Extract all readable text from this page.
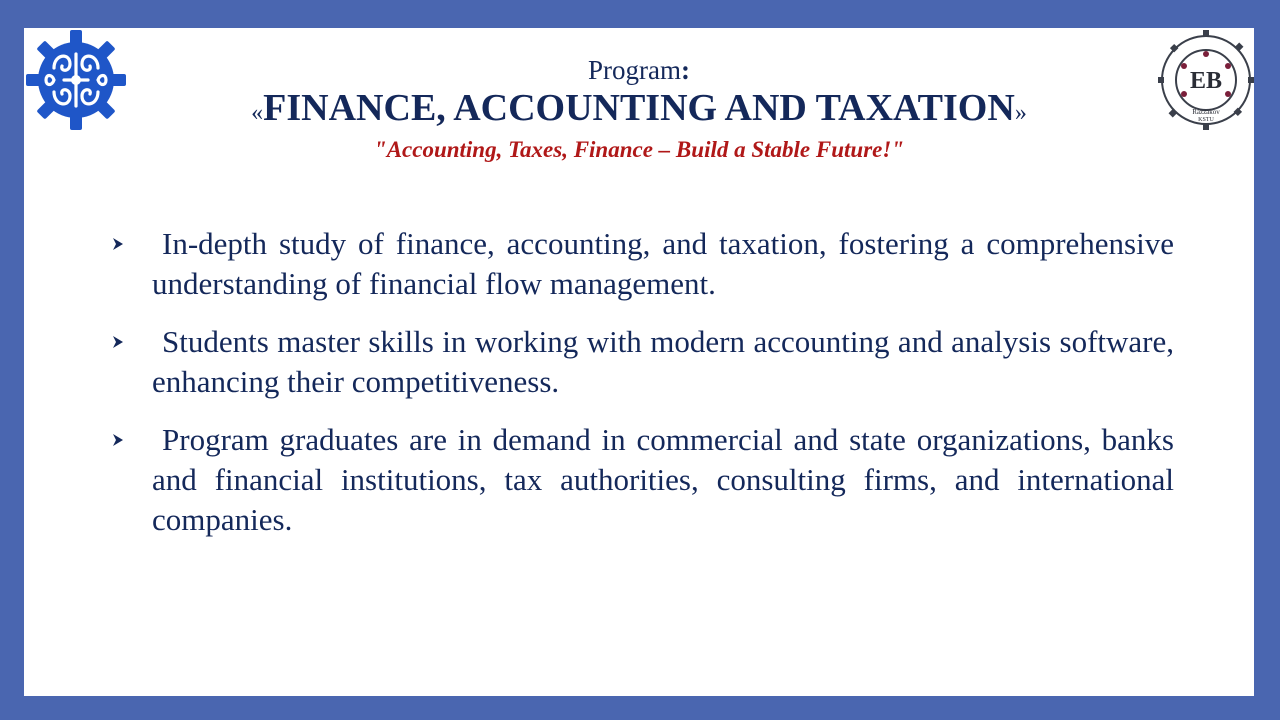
EB
Razzakov
KSTU
Program:
«FINANCE, ACCOUNTING AND TAXATION»
"Accounting, Taxes, Finance – Build a Stable Future!"
In-depth study of finance, accounting, and taxation, fostering a comprehensive understanding of financial flow management.
Students master skills in working with modern accounting and analysis software, enhancing their competitiveness.
Program graduates are in demand in commercial and state organizations, banks and financial institutions, tax authorities, consulting firms, and international companies.
